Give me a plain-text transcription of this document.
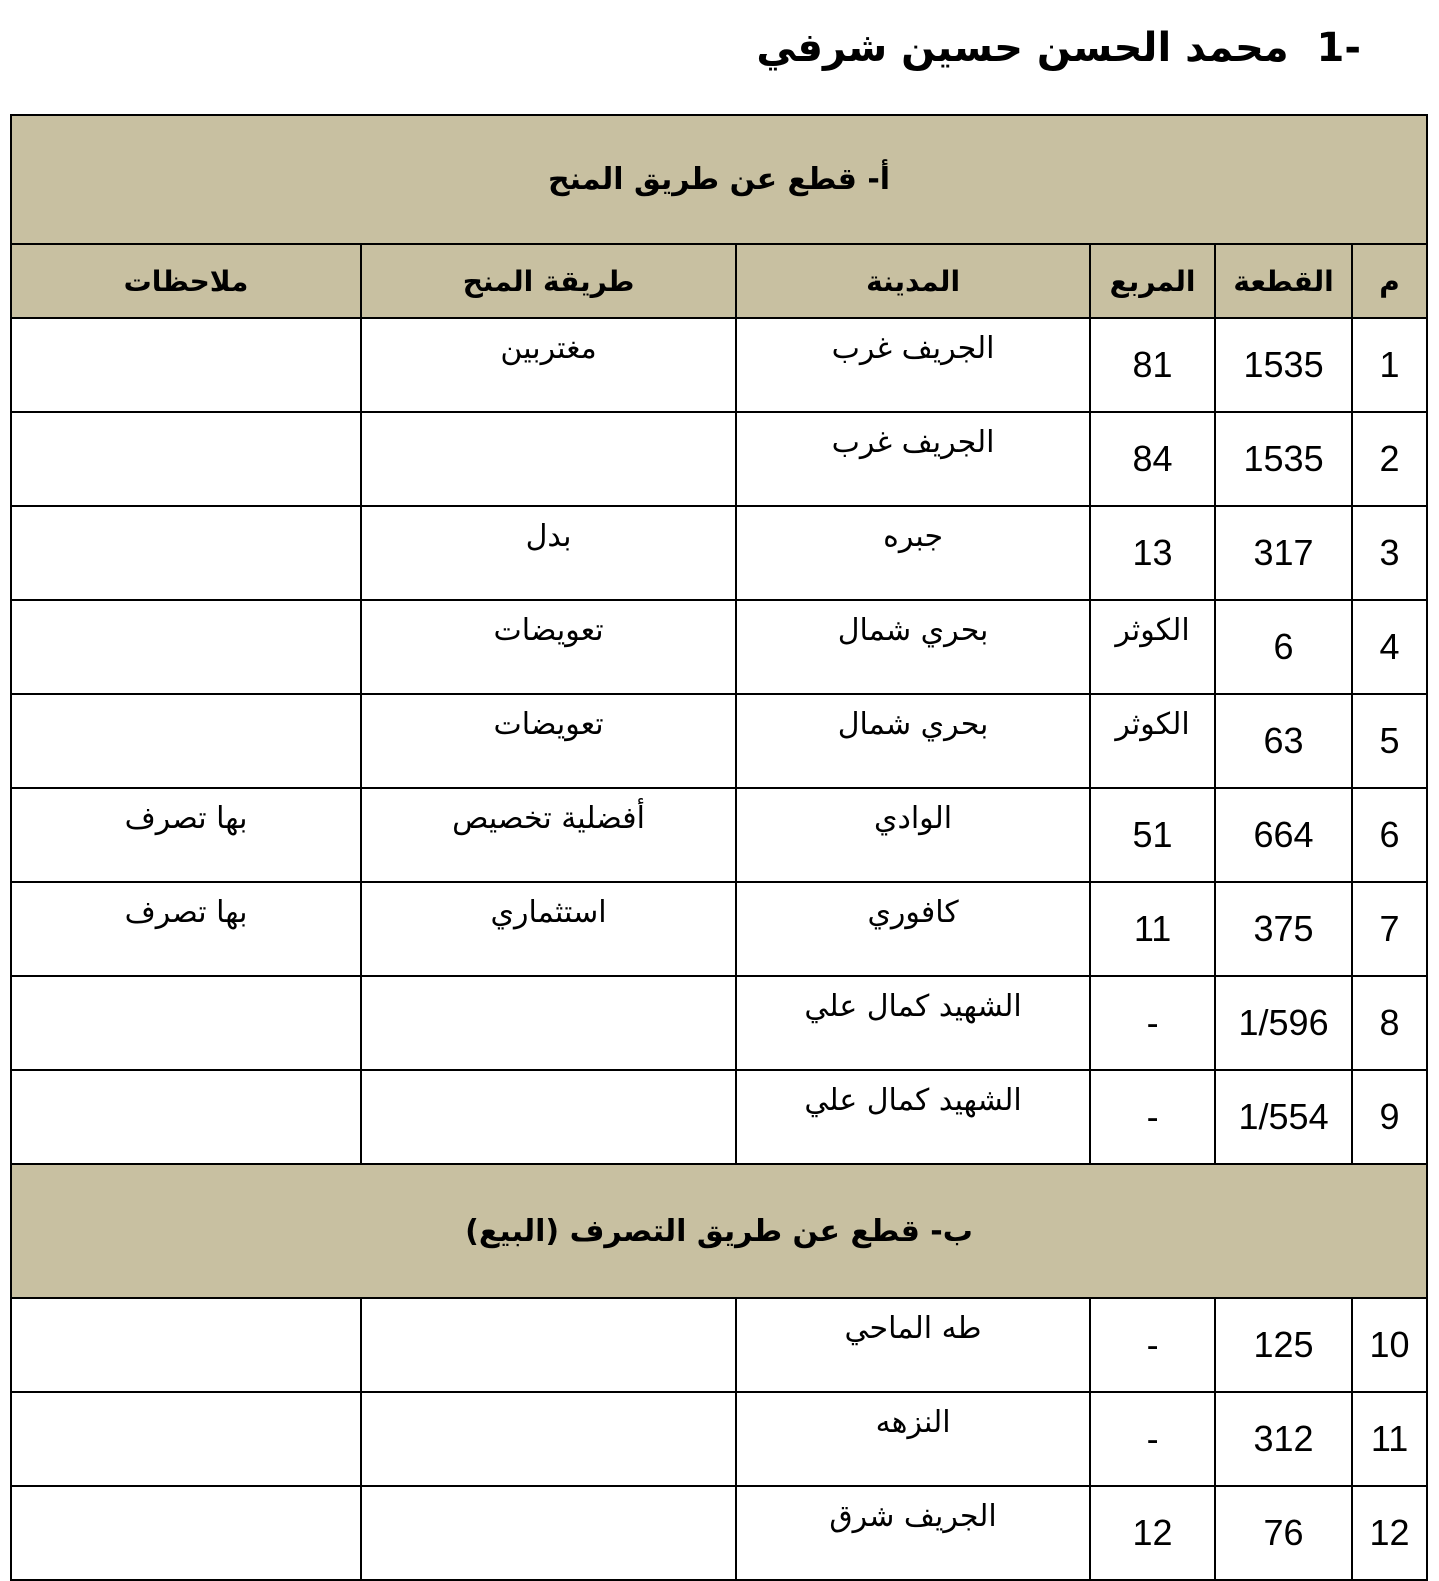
-1 محمد الحسن حسين شرفي
أ- قطع عن طريق المنح					
م	القطعة	المربع	المدينة	طريقة المنح	ملاحظات
1	1535	81	الجريف غرب	مغتربين	
2	1535	84	الجريف غرب		
3	317	13	جبره	بدل	
4	6	الكوثر	بحري شمال	تعويضات	
5	63	الكوثر	بحري شمال	تعويضات	
6	664	51	الوادي	أفضلية تخصيص	بها تصرف
7	375	11	كافوري	استثماري	بها تصرف
8	1/596	-	الشهيد كمال علي		
9	1/554	-	الشهيد كمال علي		
ب- قطع عن طريق التصرف (البيع)					
10	125	-	طه الماحي		
11	312	-	النزهه		
12	76	12	الجريف شرق		
